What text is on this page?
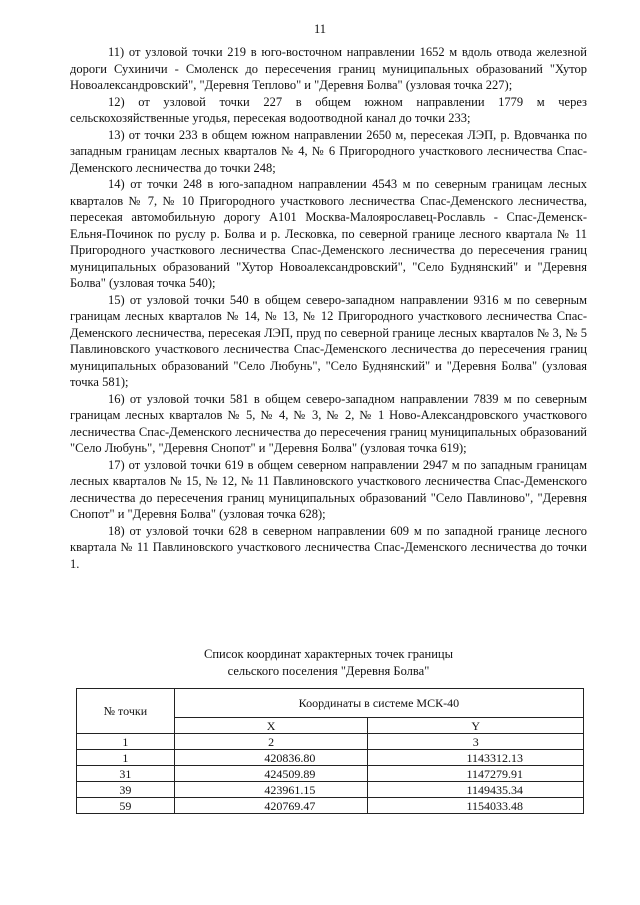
11

11) от узловой точки 219 в юго-восточном направлении 1652 м вдоль отвода железной дороги Сухиничи - Смоленск до пересечения границ муниципальных образований "Хутор Новоалександровский", "Деревня Теплово" и "Деревня Болва" (узловая точка 227);

12) от узловой точки 227 в общем южном направлении 1779 м через сельскохозяйственные угодья, пересекая водоотводной канал до точки 233;

13) от точки 233 в общем южном направлении 2650 м, пересекая ЛЭП, р. Вдовчанка по западным границам лесных кварталов № 4, № 6 Пригородного участкового лесничества Спас-Деменского лесничества до точки 248;

14) от точки 248 в юго-западном направлении 4543 м по северным границам лесных кварталов № 7, № 10 Пригородного участкового лесничества Спас-Деменского лесничества, пересекая автомобильную дорогу А101 Москва-Малоярославец-Рославль - Спас-Деменск-Ельня-Починок по руслу р. Болва и р. Лесковка, по северной границе лесного квартала № 11 Пригородного участкового лесничества Спас-Деменского лесничества до пересечения границ муниципальных образований "Хутор Новоалександровский", "Село Буднянский" и "Деревня Болва" (узловая точка 540);

15) от узловой точки 540 в общем северо-западном направлении 9316 м по северным границам лесных кварталов № 14, № 13, № 12 Пригородного участкового лесничества Спас-Деменского лесничества, пересекая ЛЭП, пруд по северной границе лесных кварталов № 3, № 5 Павлиновского участкового лесничества Спас-Деменского лесничества до пересечения границ муниципальных образований "Село Любунь", "Село Буднянский" и "Деревня Болва" (узловая точка 581);

16) от узловой точки 581 в общем северо-западном направлении 7839 м по северным границам лесных кварталов № 5, № 4, № 3, № 2, № 1 Ново-Александровского участкового лесничества Спас-Деменского лесничества до пересечения границ муниципальных образований "Село Любунь", "Деревня Снопот" и "Деревня Болва" (узловая точка 619);

17) от узловой точки 619 в общем северном направлении 2947 м по западным границам лесных кварталов № 15, № 12, № 11 Павлиновского участкового лесничества Спас-Деменского лесничества до пересечения границ муниципальных образований "Село Павлиново", "Деревня Снопот" и "Деревня Болва" (узловая точка 628);

18) от узловой точки 628 в северном направлении 609 м по западной границе лесного квартала № 11 Павлиновского участкового лесничества Спас-Деменского лесничества до точки 1.

Список координат характерных точек границы
сельского поселения "Деревня Болва"
№ точки	Координаты в системе МСК-40	
	X	Y
1	2	3
1	420836.80	1143312.13
31	424509.89	1147279.91
39	423961.15	1149435.34
59	420769.47	1154033.48
